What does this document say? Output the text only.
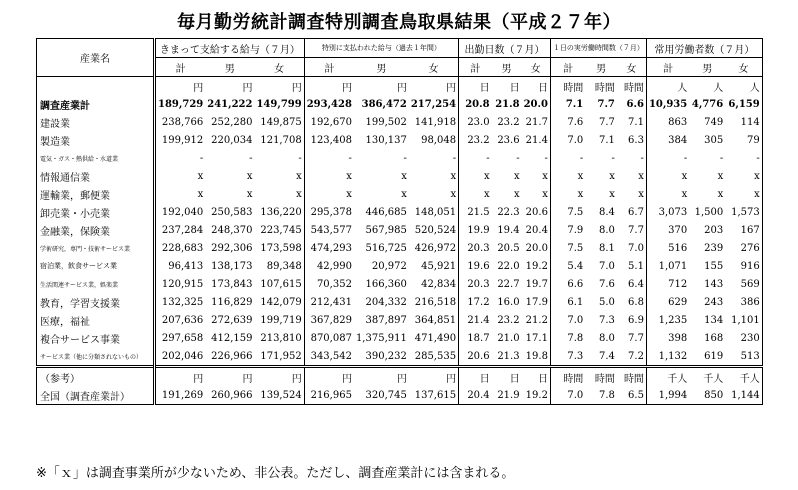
毎月勤労統計調査特別調査鳥取県結果（平成２７年）
産業名	きまって支給する給与（７月）			特別に支払われた給与（過去１年間）			出勤日数（７月）			１日の実労働時間数（７月）			常用労働者数（７月）		
	計	男	女	計	男	女	計	男	女	計	男	女	計	男	女
	円	円	円	円	円	円	日	日	日	時間	時間	時間	人	人	人
調査産業計	189,729	241,222	149,799	293,428	386,472	217,254	20.8	21.8	20.0	7.1	7.7	6.6	10,935	4,776	6,159
建設業	238,766	252,280	149,875	192,670	199,502	141,918	23.0	23.2	21.7	7.6	7.7	7.1	863	749	114
製造業	199,912	220,034	121,708	123,408	130,137	98,048	23.2	23.6	21.4	7.0	7.1	6.3	384	305	79
電気・ガス・熱供給・水道業	-	-	-	-	-	-	-	-	-	-	-	-	-	-	-
情報通信業	x	x	x	x	x	x	x	x	x	x	x	x	x	x	x
運輸業，郵便業	x	x	x	x	x	x	x	x	x	x	x	x	x	x	x
卸売業・小売業	192,040	250,583	136,220	295,378	446,685	148,051	21.5	22.3	20.6	7.5	8.4	6.7	3,073	1,500	1,573
金融業，保険業	237,284	248,370	223,745	543,577	567,985	520,524	19.9	19.4	20.4	7.9	8.0	7.7	370	203	167
学術研究，専門・技術サービス業	228,683	292,306	173,598	474,293	516,725	426,972	20.3	20.5	20.0	7.5	8.1	7.0	516	239	276
宿泊業，飲食サービス業	96,413	138,173	89,348	42,990	20,972	45,921	19.6	22.0	19.2	5.4	7.0	5.1	1,071	155	916
生活関連サービス業，娯楽業	120,915	173,843	107,615	70,352	166,360	42,834	20.3	22.7	19.7	6.6	7.6	6.4	712	143	569
教育，学習支援業	132,325	116,829	142,079	212,431	204,332	216,518	17.2	16.0	17.9	6.1	5.0	6.8	629	243	386
医療，福祉	207,636	272,639	199,719	367,829	387,897	364,851	21.4	23.2	21.2	7.0	7.3	6.9	1,235	134	1,101
複合サービス事業	297,658	412,159	213,810	870,087	1,375,911	471,490	18.7	21.0	17.1	7.8	8.0	7.7	398	168	230
サービス業（他に分類されないもの）	202,046	226,966	171,952	343,542	390,232	285,535	20.6	21.3	19.8	7.3	7.4	7.2	1,132	619	513
（参考）	円	円	円	円	円	円	日	日	日	時間	時間	時間	千人	千人	千人
全国（調査産業計）	191,269	260,966	139,524	216,965	320,745	137,615	20.4	21.9	19.2	7.0	7.8	6.5	1,994	850	1,144
※「ｘ」は調査事業所が少ないため、非公表。ただし、調査産業計には含まれる。
